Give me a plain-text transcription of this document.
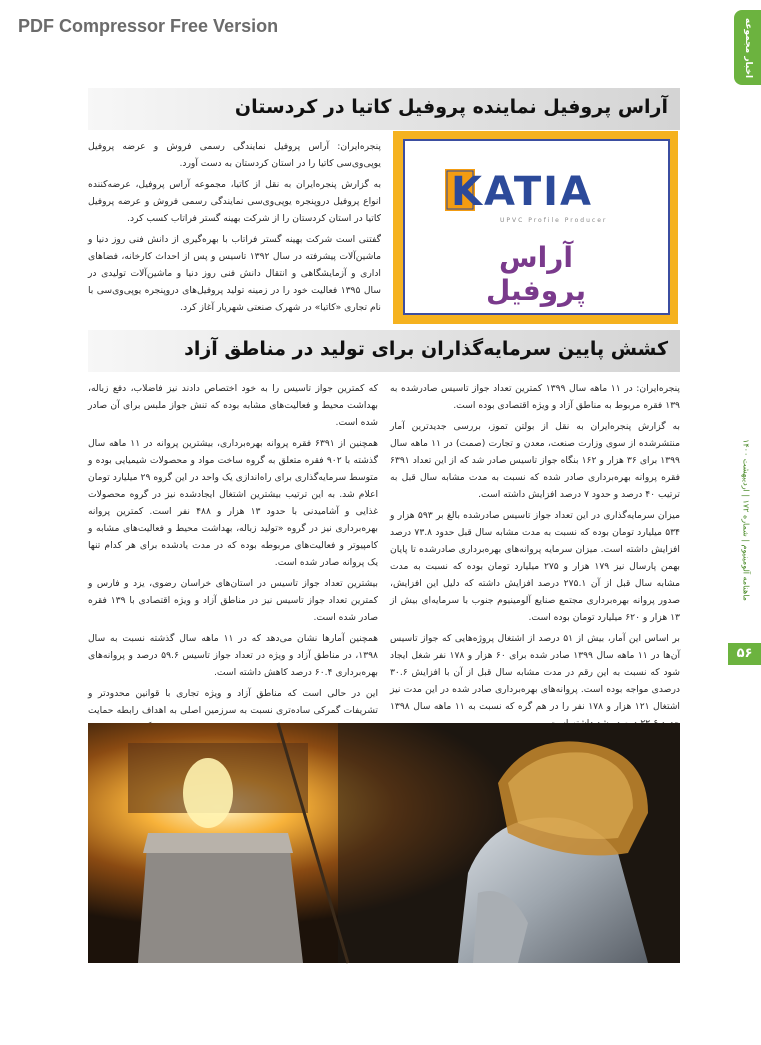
PDF Compressor Free Version	اخبار مجموعه
ماهنامه آلومینیوم | شماره ۱۷۲ | اردیبهشت ۱۴۰۰
۵۶
آراس پروفیل نماینده پروفیل کاتیا در کردستان

پنجره‌ایران: آراس پروفیل نمایندگی رسمی فروش و عرضه پروفیل یوپی‌وی‌سی کاتیا را در استان کردستان به دست آورد.

به گزارش پنجره‌ایران به نقل از کاتیا، مجموعه آراس پروفیل، عرضه‌کننده انواع پروفیل درو‌پنجره یوپی‌وی‌سی نمایندگی رسمی فروش و عرضه پروفیل کاتیا در استان کردستان را از شرکت بهینه گستر فراتاب کسب کرد.

گفتنی است شرکت بهینه گستر فراتاب با بهره‌گیری از دانش فنی روز دنیا و ماشین‌آلات پیشرفته در سال ۱۳۹۲ تاسیس و پس از احداث کارخانه، فضاهای اداری و آزمایشگاهی و انتقال دانش فنی روز دنیا و ماشین‌آلات تولیدی در سال ۱۳۹۵ فعالیت خود را در زمینه تولید پروفیل‌های درو‌پنجره یوپی‌وی‌سی با نام تجاری «کاتیا» در شهرک صنعتی شهریار آغاز کرد.

KATIA
UPVC Profile Producer
آراس پروفیل
کشش پایین سرمایه‌گذاران برای تولید در مناطق آزاد

پنجره‌ایران: در ۱۱ ماهه سال ۱۳۹۹ کمترین تعداد جواز تاسیس صادرشده به ۱۳۹ فقره مربوط به مناطق آزاد و ویژه اقتصادی بوده است.

به گزارش پنجره‌ایران به نقل از بولتن تموز، بررسی جدیدترین آمار منتشرشده از سوی وزارت صنعت، معدن و تجارت (صمت) در ۱۱ ماهه سال ۱۳۹۹ برای ۳۶ هزار و ۱۶۲ بنگاه جواز تاسیس صادر شد که از این تعداد ۶۳۹۱ فقره پروانه بهره‌برداری صادر شده که نسبت به مدت مشابه سال قبل به ترتیب ۴۰ درصد و حدود ۷ درصد افزایش داشته است.

میزان سرمایه‌گذاری در این تعداد جواز تاسیس صادرشده بالغ بر ۵۹۳ هزار و ۵۳۴ میلیارد تومان بوده که نسبت به مدت مشابه سال قبل حدود ۷۳.۸ درصد افزایش داشته است. میزان سرمایه پروانه‌های بهره‌برداری صادرشده تا پایان بهمن پارسال نیز ۱۷۹ هزار و ۲۷۵ میلیارد تومان بوده که نسبت به مدت مشابه سال قبل از آن ۲۷۵.۱ درصد افزایش داشته که دلیل این افزایش، صدور پروانه بهره‌برداری مجتمع صنایع آلومینیوم جنوب با سرمایه‌ای بیش از ۱۳ هزار و ۶۲۰ میلیارد تومان بوده است.

بر اساس این آمار، بیش از ۵۱ درصد از اشتغال پروژه‌هایی که جواز تاسیس آن‌ها در ۱۱ ماهه سال ۱۳۹۹ صادر شده برای ۶۰ هزار و ۱۷۸ نفر شغل ایجاد شود که نسبت به این رقم در مدت مشابه سال قبل از آن با افزایش ۳۰.۶ درصدی مواجه بوده است. پروانه‌های بهره‌برداری صادر شده در این مدت نیز اشتغال ۱۲۱ هزار و ۱۷۸ نفر را در هم گره که نسبت به ۱۱ ماهه سال ۱۳۹۸

که کمترین جواز تاسیس را به خود اختصاص دادند نیز فاضلاب، دفع زباله، بهداشت محیط و فعالیت‌های مشابه بوده که تنش جواز ملبس برای آن صادر شده است.

همچنین از ۶۳۹۱ فقره پروانه بهره‌برداری، بیشترین پروانه در ۱۱ ماهه سال گذشته با ۹۰۲ فقره متعلق به گروه ساخت مواد و محصولات شیمیایی بوده و متوسط سرمایه‌گذاری برای راه‌اندازی یک واحد در این گروه ۲۹ میلیارد تومان اعلام شد. به این ترتیب بیشترین اشتغال ایجادشده نیز در گروه محصولات غذایی و آشامیدنی با حدود ۱۳ هزار و ۴۸۸ نفر است. کمترین پروانه بهره‌برداری نیز در گروه «تولید زباله، بهداشت محیط و فعالیت‌های مشابه و کامپیوتر و فعالیت‌های مربوطه بوده که در مدت یادشده برای هر کدام تنها یک پروانه صادر شده است.

بیشترین تعداد جواز تاسیس در استان‌های خراسان رضوی، یزد و فارس و کمترین تعداد جواز تاسیس نیز در مناطق آزاد و ویژه اقتصادی با ۱۳۹ فقره صادر شده است.

همچنین آمارها نشان می‌دهد که در ۱۱ ماهه سال گذشته نسبت به سال ۱۳۹۸، در مناطق آزاد و ویژه در تعداد جواز تاسیس ۵۹.۶ درصد و پروانه‌های بهره‌برداری ۶۰.۴ درصد کاهش داشته است.

این در حالی است که مناطق آزاد و ویژه تجاری با قوانین محدودتر و تشریفات گمرکی ساده‌تری نسبت به سرزمین اصلی به اهداف رابطه حمایت
